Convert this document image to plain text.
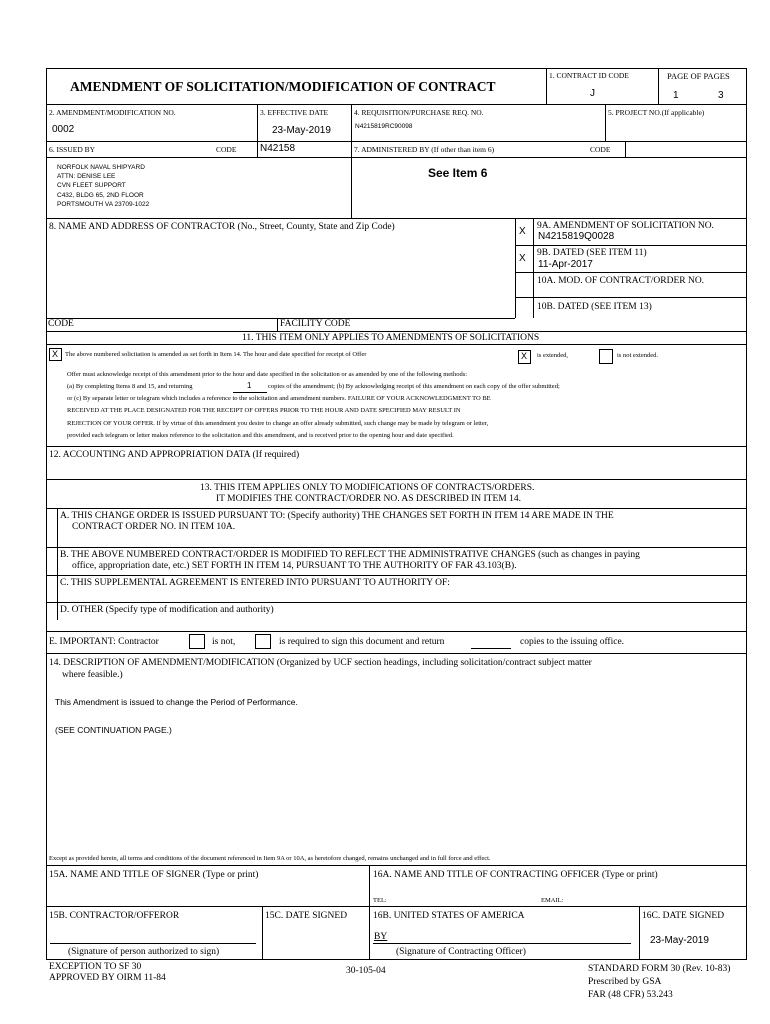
AMENDMENT OF SOLICITATION/MODIFICATION OF CONTRACT
1. CONTRACT ID CODE
J
PAGE OF PAGES
1	3
2. AMENDMENT/MODIFICATION NO.
0002
3. EFFECTIVE DATE
23-May-2019
4. REQUISITION/PURCHASE REQ. NO.
N4215819RC90098
5. PROJECT NO.(If applicable)
6. ISSUED BY	CODE N42158	7. ADMINISTERED BY (If other than item 6)	CODE
NORFOLK NAVAL SHIPYARD
ATTN: DENISE LEE
CVN FLEET SUPPORT
C432, BLDG 65, 2ND FLOOR
PORTSMOUTH VA 23709-1022
See Item 6
8. NAME AND ADDRESS OF CONTRACTOR (No., Street, County, State and Zip Code)	X 9A. AMENDMENT OF SOLICITATION NO.
N4215819Q0028
X 9B. DATED (SEE ITEM 11)
11-Apr-2017
10A. MOD. OF CONTRACT/ORDER NO.
10B. DATED (SEE ITEM 13)
CODE	FACILITY CODE
11. THIS ITEM ONLY APPLIES TO AMENDMENTS OF SOLICITATIONS
X The above numbered solicitation is amended as set forth in Item 14. The hour and date specified for receipt of Offer	X is extended,	is not extended.
Offer must acknowledge receipt of this amendment prior to the hour and date specified in the solicitation or as amended by one of the following methods:
(a) By completing Items 8 and 15, and returning	1	copies of the amendment; (b) By acknowledging receipt of this amendment on each copy of the offer submitted;
or (c) By separate letter or telegram which includes a reference to the solicitation and amendment numbers. FAILURE OF YOUR ACKNOWLEDGMENT TO BE
RECEIVED AT THE PLACE DESIGNATED FOR THE RECEIPT OF OFFERS PRIOR TO THE HOUR AND DATE SPECIFIED MAY RESULT IN
REJECTION OF YOUR OFFER. If by virtue of this amendment you desire to change an offer already submitted, such change may be made by telegram or letter,
provided each telegram or letter makes reference to the solicitation and this amendment, and is received prior to the opening hour and date specified.
12. ACCOUNTING AND APPROPRIATION DATA (If required)
13. THIS ITEM APPLIES ONLY TO MODIFICATIONS OF CONTRACTS/ORDERS.
IT MODIFIES THE CONTRACT/ORDER NO. AS DESCRIBED IN ITEM 14.
A. THIS CHANGE ORDER IS ISSUED PURSUANT TO: (Specify authority) THE CHANGES SET FORTH IN ITEM 14 ARE MADE IN THE
CONTRACT ORDER NO. IN ITEM 10A.
B. THE ABOVE NUMBERED CONTRACT/ORDER IS MODIFIED TO REFLECT THE ADMINISTRATIVE CHANGES (such as changes in paying
office, appropriation date, etc.) SET FORTH IN ITEM 14, PURSUANT TO THE AUTHORITY OF FAR 43.103(B).
C. THIS SUPPLEMENTAL AGREEMENT IS ENTERED INTO PURSUANT TO AUTHORITY OF:
D. OTHER (Specify type of modification and authority)
E. IMPORTANT: Contractor	is not,	is required to sign this document and return	copies to the issuing office.
14. DESCRIPTION OF AMENDMENT/MODIFICATION (Organized by UCF section headings, including solicitation/contract subject matter
where feasible.)
This Amendment is issued to change the Period of Performance.
(SEE CONTINUATION PAGE.)
Except as provided herein, all terms and conditions of the document referenced in Item 9A or 10A, as heretofore changed, remains unchanged and in full force and effect.
15A. NAME AND TITLE OF SIGNER (Type or print)	16A. NAME AND TITLE OF CONTRACTING OFFICER (Type or print)
TEL:	EMAIL:
15B. CONTRACTOR/OFFEROR	15C. DATE SIGNED	16B. UNITED STATES OF AMERICA	16C. DATE SIGNED
BY	23-May-2019
(Signature of person authorized to sign)	(Signature of Contracting Officer)
EXCEPTION TO SF 30
APPROVED BY OIRM 11-84
30-105-04	STANDARD FORM 30 (Rev. 10-83)
Prescribed by GSA
FAR (48 CFR) 53.243
